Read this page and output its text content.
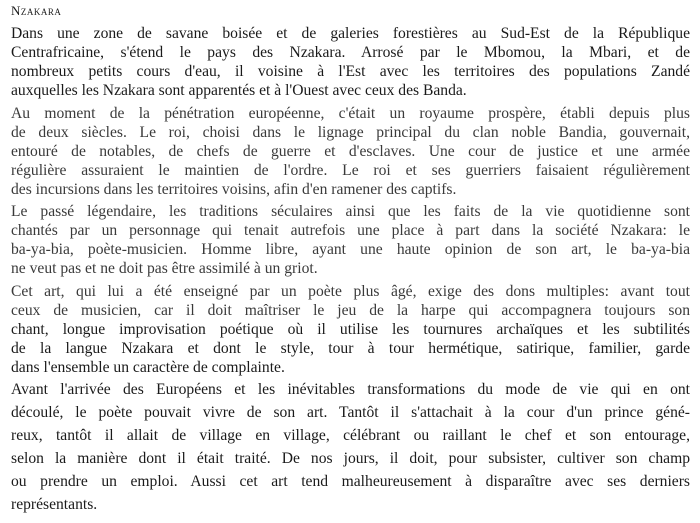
Nzakara
Dans une zone de savane boisée et de galeries forestières au Sud-Est de la République
Centrafricaine, s'étend le pays des Nzakara. Arrosé par le Mbomou, la Mbari, et de
nombreux petits cours d'eau, il voisine à l'Est avec les territoires des populations Zandé
auxquelles les Nzakara sont apparentés et à l'Ouest avec ceux des Banda.
Au moment de la pénétration européenne, c'était un royaume prospère, établi depuis plus
de deux siècles. Le roi, choisi dans le lignage principal du clan noble Bandia, gouvernait,
entouré de notables, de chefs de guerre et d'esclaves. Une cour de justice et une armée
régulière assuraient le maintien de l'ordre. Le roi et ses guerriers faisaient régulièrement
des incursions dans les territoires voisins, afin d'en ramener des captifs.
Le passé légendaire, les traditions séculaires ainsi que les faits de la vie quotidienne sont
chantés par un personnage qui tenait autrefois une place à part dans la société Nzakara: le
ba-ya-bia, poète-musicien. Homme libre, ayant une haute opinion de son art, le ba-ya-bia
ne veut pas et ne doit pas être assimilé à un griot.
Cet art, qui lui a été enseigné par un poète plus âgé, exige des dons multiples: avant tout
ceux de musicien, car il doit maîtriser le jeu de la harpe qui accompagnera toujours son
chant, longue improvisation poétique où il utilise les tournures archaïques et les subtilités
de la langue Nzakara et dont le style, tour à tour hermétique, satirique, familier, garde
dans l'ensemble un caractère de complainte.
Avant l'arrivée des Européens et les inévitables transformations du mode de vie qui en ont
découlé, le poète pouvait vivre de son art. Tantôt il s'attachait à la cour d'un prince géné-
reux, tantôt il allait de village en village, célébrant ou raillant le chef et son entourage,
selon la manière dont il était traité. De nos jours, il doit, pour subsister, cultiver son champ
ou prendre un emploi. Aussi cet art tend malheureusement à disparaître avec ses derniers
représentants.
